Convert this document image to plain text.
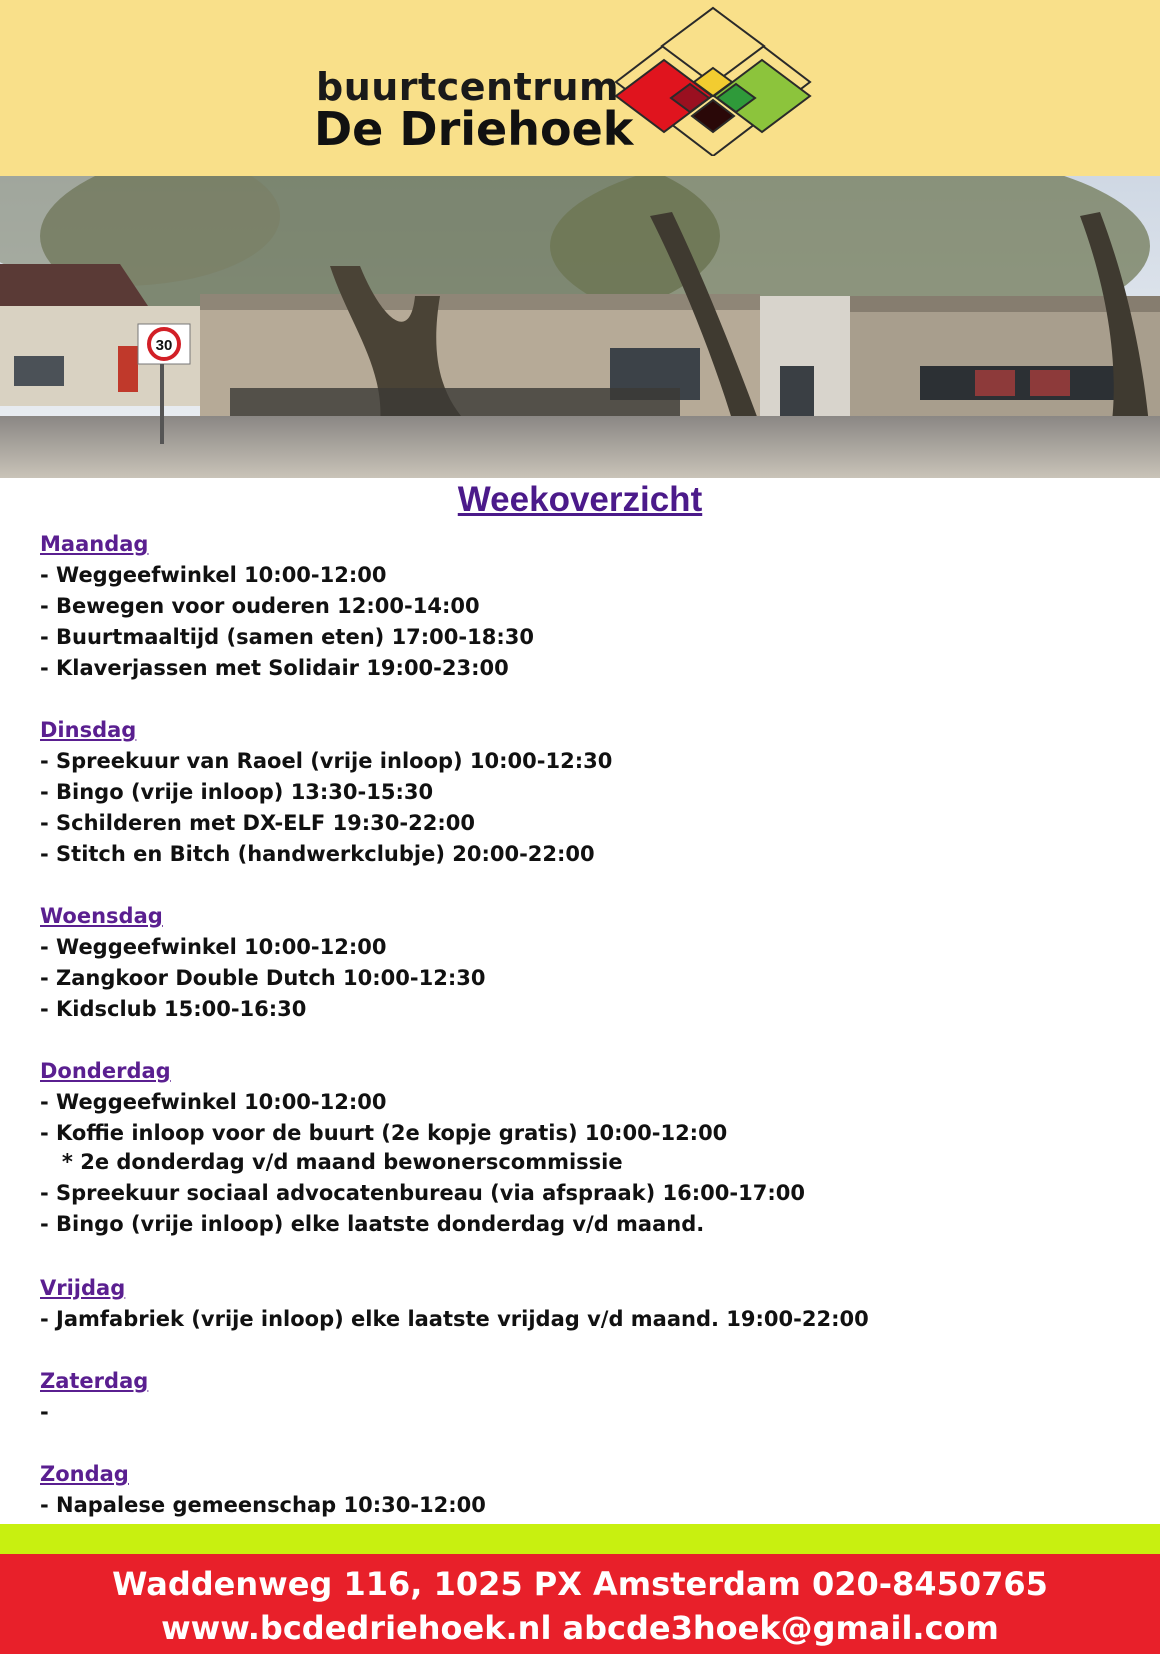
buurtcentrum
De Driehoek
30
Weekoverzicht
Maandag
- Weggeefwinkel 10:00-12:00
- Bewegen voor ouderen 12:00-14:00
- Buurtmaaltijd (samen eten) 17:00-18:30
- Klaverjassen met Solidair 19:00-23:00
Dinsdag
- Spreekuur van Raoel (vrije inloop) 10:00-12:30
- Bingo (vrije inloop) 13:30-15:30
- Schilderen met DX-ELF 19:30-22:00
- Stitch en Bitch (handwerkclubje) 20:00-22:00
Woensdag
- Weggeefwinkel 10:00-12:00
- Zangkoor Double Dutch 10:00-12:30
- Kidsclub 15:00-16:30
Donderdag
- Weggeefwinkel 10:00-12:00
- Koffie inloop voor de buurt (2e kopje gratis) 10:00-12:00
* 2e donderdag v/d maand bewonerscommissie
- Spreekuur sociaal advocatenbureau (via afspraak) 16:00-17:00
- Bingo (vrije inloop) elke laatste donderdag v/d maand.
Vrijdag
- Jamfabriek (vrije inloop) elke laatste vrijdag v/d maand. 19:00-22:00
Zaterdag
-
Zondag
- Napalese gemeenschap 10:30-12:00
Waddenweg 116, 1025 PX Amsterdam 020-8450765
www.bcdedriehoek.nl abcde3hoek@gmail.com
